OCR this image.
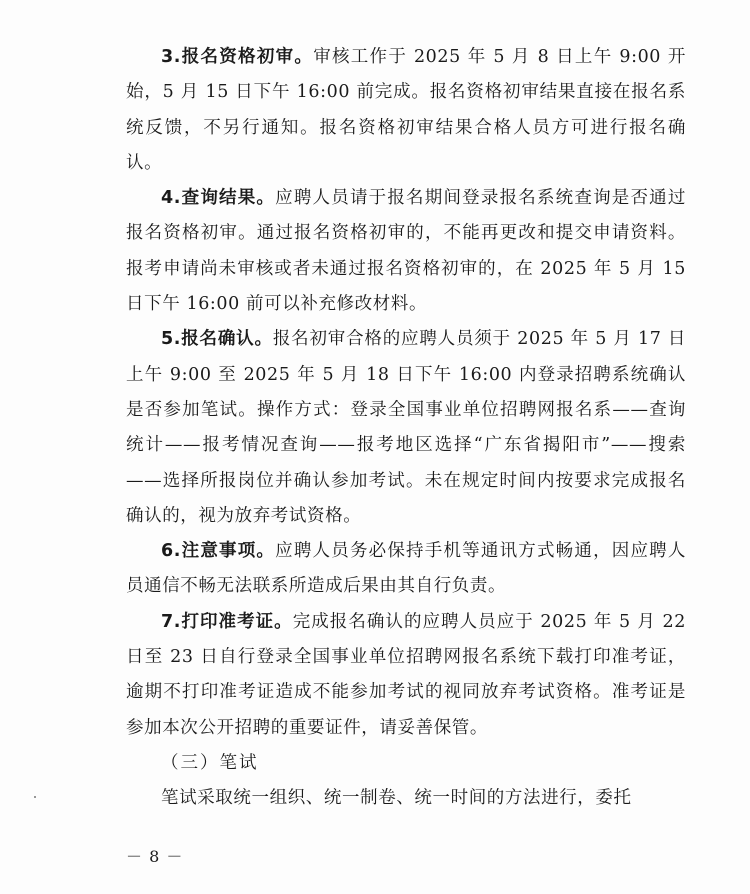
3.报名资格初审。审核工作于 2025 年 5 月 8 日上午 9:00 开始，5 月 15 日下午 16:00 前完成。报名资格初审结果直接在报名系统反馈，不另行通知。报名资格初审结果合格人员方可进行报名确认。

4.查询结果。应聘人员请于报名期间登录报名系统查询是否通过报名资格初审。通过报名资格初审的，不能再更改和提交申请资料。报考申请尚未审核或者未通过报名资格初审的，在 2025 年 5 月 15 日下午 16:00 前可以补充修改材料。

5.报名确认。报名初审合格的应聘人员须于 2025 年 5 月 17 日上午 9:00 至 2025 年 5 月 18 日下午 16:00 内登录招聘系统确认是否参加笔试。操作方式：登录全国事业单位招聘网报名系——查询统计——报考情况查询——报考地区选择“广东省揭阳市”——搜索——选择所报岗位并确认参加考试。未在规定时间内按要求完成报名确认的，视为放弃考试资格。

6.注意事项。应聘人员务必保持手机等通讯方式畅通，因应聘人员通信不畅无法联系所造成后果由其自行负责。

7.打印准考证。完成报名确认的应聘人员应于 2025 年 5 月 22 日至 23 日自行登录全国事业单位招聘网报名系统下载打印准考证，逾期不打印准考证造成不能参加考试的视同放弃考试资格。准考证是参加本次公开招聘的重要证件，请妥善保管。

（三）笔试

笔试采取统一组织、统一制卷、统一时间的方法进行，委托

－ 8 －
